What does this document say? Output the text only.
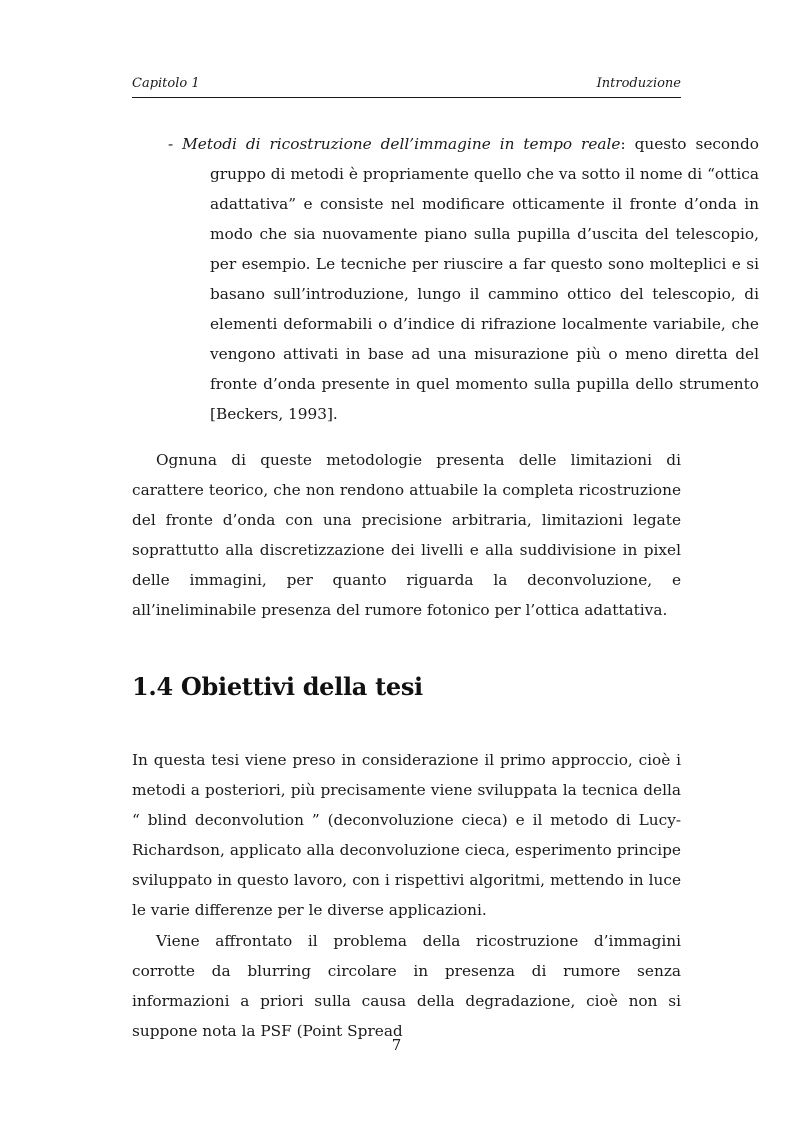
Capitolo 1	Introduzione
- Metodi di ricostruzione dell’immagine in tempo reale: questo secondo gruppo di metodi è propriamente quello che va sotto il nome di “ottica adattativa” e consiste nel modificare otticamente il fronte d’onda in modo che sia nuovamente piano sulla pupilla d’uscita del telescopio, per esempio. Le tecniche per riuscire a far questo sono molteplici e si basano sull’introduzione, lungo il cammino ottico del telescopio, di elementi deformabili o d’indice di rifrazione localmente variabile, che vengono attivati in base ad una misurazione più o meno diretta del fronte d’onda presente in quel momento sulla pupilla dello strumento [Beckers, 1993].
Ognuna di queste metodologie presenta delle limitazioni di carattere teorico, che non rendono attuabile la completa ricostruzione del fronte d’onda con una precisione arbitraria, limitazioni legate soprattutto alla discretizzazione dei livelli e alla suddivisione in pixel delle immagini, per quanto riguarda la deconvoluzione, e all’ineliminabile presenza del rumore fotonico per l’ottica adattativa.
1.4 Obiettivi della tesi
In questa tesi viene preso in considerazione il primo approccio, cioè i metodi a posteriori, più precisamente viene sviluppata la tecnica della “ blind deconvolution ” (deconvoluzione cieca) e il metodo di Lucy-Richardson, applicato alla deconvoluzione cieca, esperimento principe sviluppato in questo lavoro, con i rispettivi algoritmi, mettendo in luce le varie differenze per le diverse applicazioni.
Viene affrontato il problema della ricostruzione d’immagini corrotte da blurring circolare in presenza di rumore senza informazioni a priori sulla causa della degradazione, cioè non si suppone nota la PSF (Point Spread
7
